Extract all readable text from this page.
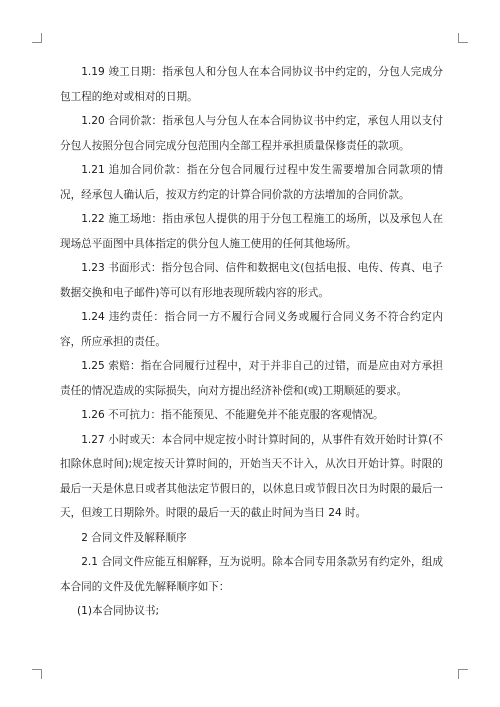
1.19 竣工日期：指承包人和分包人在本合同协议书中约定的，分包人完成分包工程的绝对或相对的日期。

1.20 合同价款：指承包人与分包人在本合同协议书中约定，承包人用以支付分包人按照分包合同完成分包范围内全部工程并承担质量保修责任的款项。

1.21 追加合同价款：指在分包合同履行过程中发生需要增加合同款项的情况，经承包人确认后，按双方约定的计算合同价款的方法增加的合同价款。

1.22 施工场地：指由承包人提供的用于分包工程施工的场所，以及承包人在现场总平面图中具体指定的供分包人施工使用的任何其他场所。

1.23 书面形式：指分包合同、信件和数据电文(包括电报、电传、传真、电子数据交换和电子邮件)等可以有形地表现所载内容的形式。

1.24 违约责任：指合同一方不履行合同义务或履行合同义务不符合约定内容，所应承担的责任。

1.25 索赔：指在合同履行过程中，对于并非自己的过错，而是应由对方承担责任的情况造成的实际损失，向对方提出经济补偿和(或)工期顺延的要求。

1.26 不可抗力：指不能预见、不能避免并不能克服的客观情况。

1.27 小时或天：本合同中规定按小时计算时间的，从事件有效开始时计算(不扣除休息时间);规定按天计算时间的，开始当天不计入，从次日开始计算。时限的最后一天是休息日或者其他法定节假日的，以休息日或节假日次日为时限的最后一天，但竣工日期除外。时限的最后一天的截止时间为当日 24 时。

2 合同文件及解释顺序

2.1 合同文件应能互相解释，互为说明。除本合同专用条款另有约定外，组成本合同的文件及优先解释顺序如下：

(1)本合同协议书;
